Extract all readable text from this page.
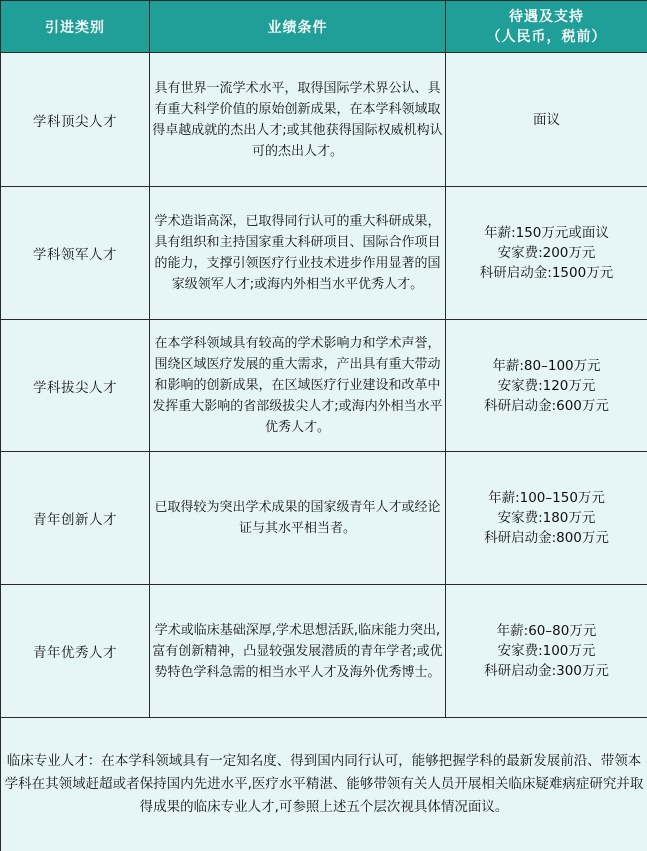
引进类别	业绩条件	待遇及支持
（人民币，税前）

学科顶尖人才	具有世界一流学术水平，取得国际学术界公认、具有重大科学价值的原始创新成果，在本学科领域取得卓越成就的杰出人才;或其他获得国际权威机构认可的杰出人才。	面议

学科领军人才	学术造诣高深，已取得同行认可的重大科研成果，具有组织和主持国家重大科研项目、国际合作项目的能力，支撑引领医疗行业技术进步作用显著的国家级领军人才;或海内外相当水平优秀人才。	年薪:150万元或面议
安家费:200万元
科研启动金:1500万元

学科拔尖人才	在本学科领域具有较高的学术影响力和学术声誉，围绕区域医疗发展的重大需求，产出具有重大带动和影响的创新成果，在区域医疗行业建设和改革中发挥重大影响的省部级拔尖人才;或海内外相当水平优秀人才。	年薪:80–100万元
安家费:120万元
科研启动金:600万元

青年创新人才	已取得较为突出学术成果的国家级青年人才或经论证与其水平相当者。	年薪:100–150万元
安家费:180万元
科研启动金:800万元

青年优秀人才	学术或临床基础深厚,学术思想活跃,临床能力突出,富有创新精神，凸显较强发展潜质的青年学者;或优势特色学科急需的相当水平人才及海外优秀博士。	年薪:60–80万元
安家费:100万元
科研启动金:300万元

临床专业人才：在本学科领域具有一定知名度、得到国内同行认可，能够把握学科的最新发展前沿、带领本学科在其领域赶超或者保持国内先进水平,医疗水平精湛、能够带领有关人员开展相关临床疑难病症研究并取得成果的临床专业人才,可参照上述五个层次视具体情况面议。		
